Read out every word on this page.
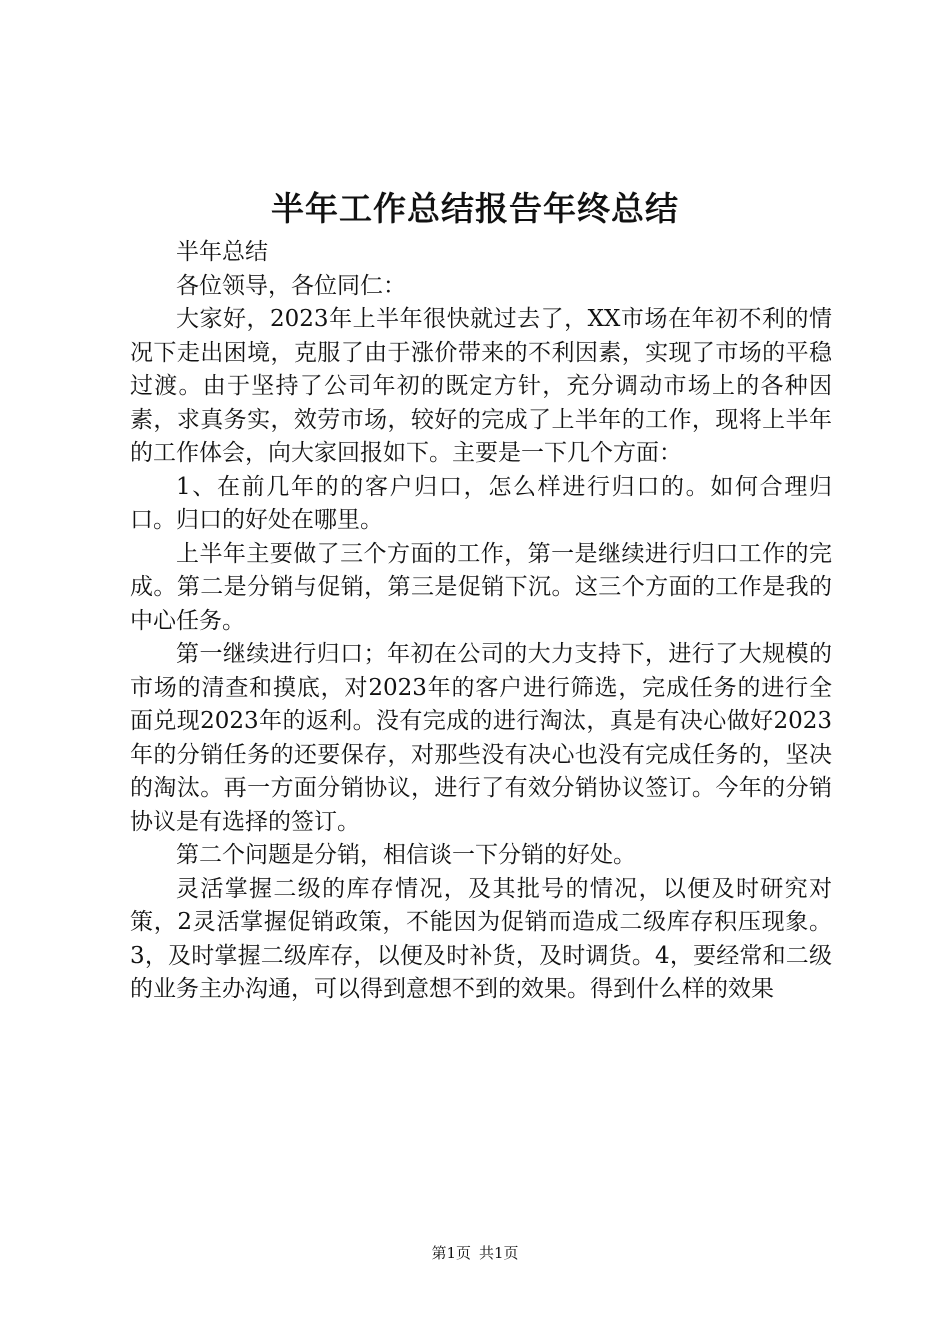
半年工作总结报告年终总结

半年总结

各位领导，各位同仁：

大家好，2023年上半年很快就过去了，XX市场在年初不利的情况下走出困境，克服了由于涨价带来的不利因素，实现了市场的平稳过渡。由于坚持了公司年初的既定方针，充分调动市场上的各种因素，求真务实，效劳市场，较好的完成了上半年的工作，现将上半年的工作体会，向大家回报如下。主要是一下几个方面：

1、在前几年的的客户归口，怎么样进行归口的。如何合理归口。归口的好处在哪里。

上半年主要做了三个方面的工作，第一是继续进行归口工作的完成。第二是分销与促销，第三是促销下沉。这三个方面的工作是我的中心任务。

第一继续进行归口；年初在公司的大力支持下，进行了大规模的市场的清查和摸底，对2023年的客户进行筛选，完成任务的进行全面兑现2023年的返利。没有完成的进行淘汰，真是有决心做好2023年的分销任务的还要保存，对那些没有决心也没有完成任务的，坚决的淘汰。再一方面分销协议，进行了有效分销协议签订。今年的分销协议是有选择的签订。

第二个问题是分销，相信谈一下分销的好处。

灵活掌握二级的库存情况，及其批号的情况，以便及时研究对策，2灵活掌握促销政策，不能因为促销而造成二级库存积压现象。3，及时掌握二级库存，以便及时补货，及时调货。4，要经常和二级的业务主办沟通，可以得到意想不到的效果。得到什么样的效果

第1页 共1页
